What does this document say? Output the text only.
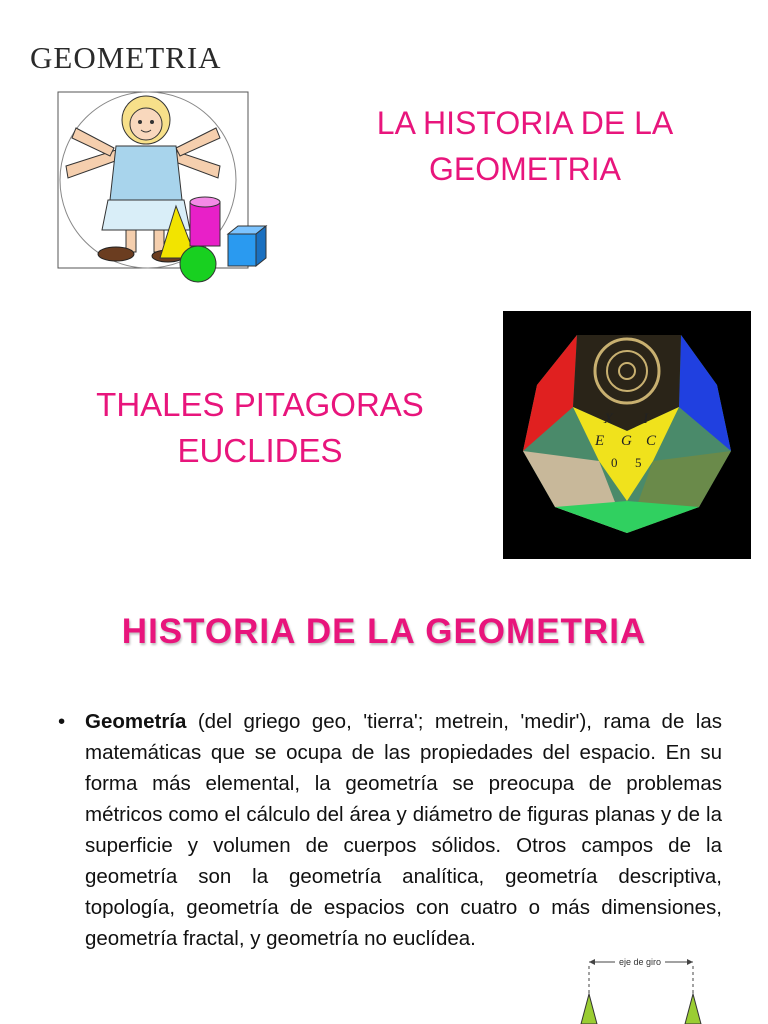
GEOMETRIA
LA HISTORIA DE LA
GEOMETRIA
X I
E G C
0 5
THALES PITAGORAS
EUCLIDES
HISTORIA DE LA GEOMETRIA
• Geometría (del griego geo, 'tierra'; metrein, 'medir'), rama de las matemáticas que se ocupa de las propiedades del espacio. En su forma más elemental, la geometría se preocupa de problemas métricos como el cálculo del área y diámetro de figuras planas y de la superficie y volumen de cuerpos sólidos. Otros campos de la geometría son la geometría analítica, geometría descriptiva, topología, geometría de espacios con cuatro o más dimensiones, geometría fractal, y geometría no euclídea.
eje de giro
